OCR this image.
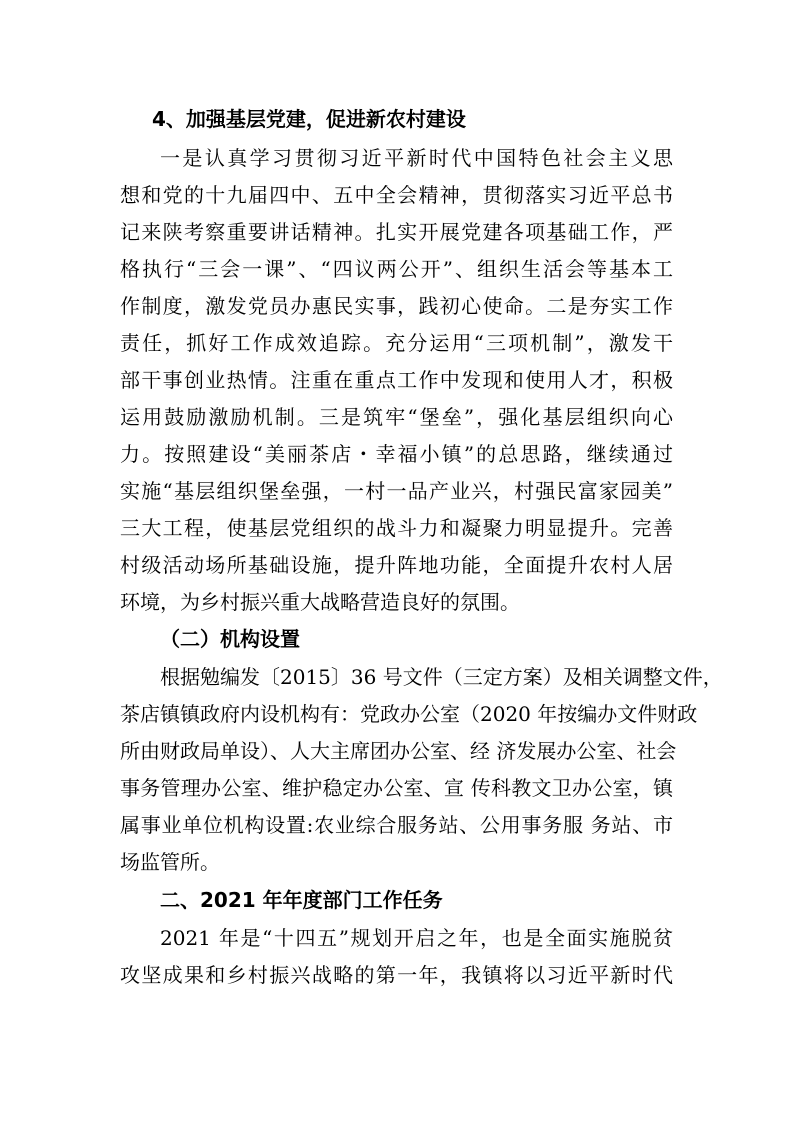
4、加强基层党建，促进新农村建设
一是认真学习贯彻习近平新时代中国特色社会主义思
想和党的十九届四中、五中全会精神，贯彻落实习近平总书
记来陕考察重要讲话精神。扎实开展党建各项基础工作，严
格执行“三会一课”、“四议两公开”、组织生活会等基本工
作制度，激发党员办惠民实事，践初心使命。二是夯实工作
责任，抓好工作成效追踪。充分运用“三项机制”，激发干
部干事创业热情。注重在重点工作中发现和使用人才，积极
运用鼓励激励机制。三是筑牢“堡垒”，强化基层组织向心
力。按照建设“美丽茶店・幸福小镇”的总思路，继续通过
实施“基层组织堡垒强，一村一品产业兴，村强民富家园美”
三大工程，使基层党组织的战斗力和凝聚力明显提升。完善
村级活动场所基础设施，提升阵地功能，全面提升农村人居
环境，为乡村振兴重大战略营造良好的氛围。
（二）机构设置
根据勉编发〔2015〕36 号文件（三定方案）及相关调整文件，
茶店镇镇政府内设机构有：党政办公室（2020 年按编办文件财政
所由财政局单设）、人大主席团办公室、经 济发展办公室、社会
事务管理办公室、维护稳定办公室、宣 传科教文卫办公室，镇
属事业单位机构设置:农业综合服务站、公用事务服 务站、市
场监管所。
二、2021 年年度部门工作任务
2021 年是“十四五”规划开启之年，也是全面实施脱贫
攻坚成果和乡村振兴战略的第一年，我镇将以习近平新时代
